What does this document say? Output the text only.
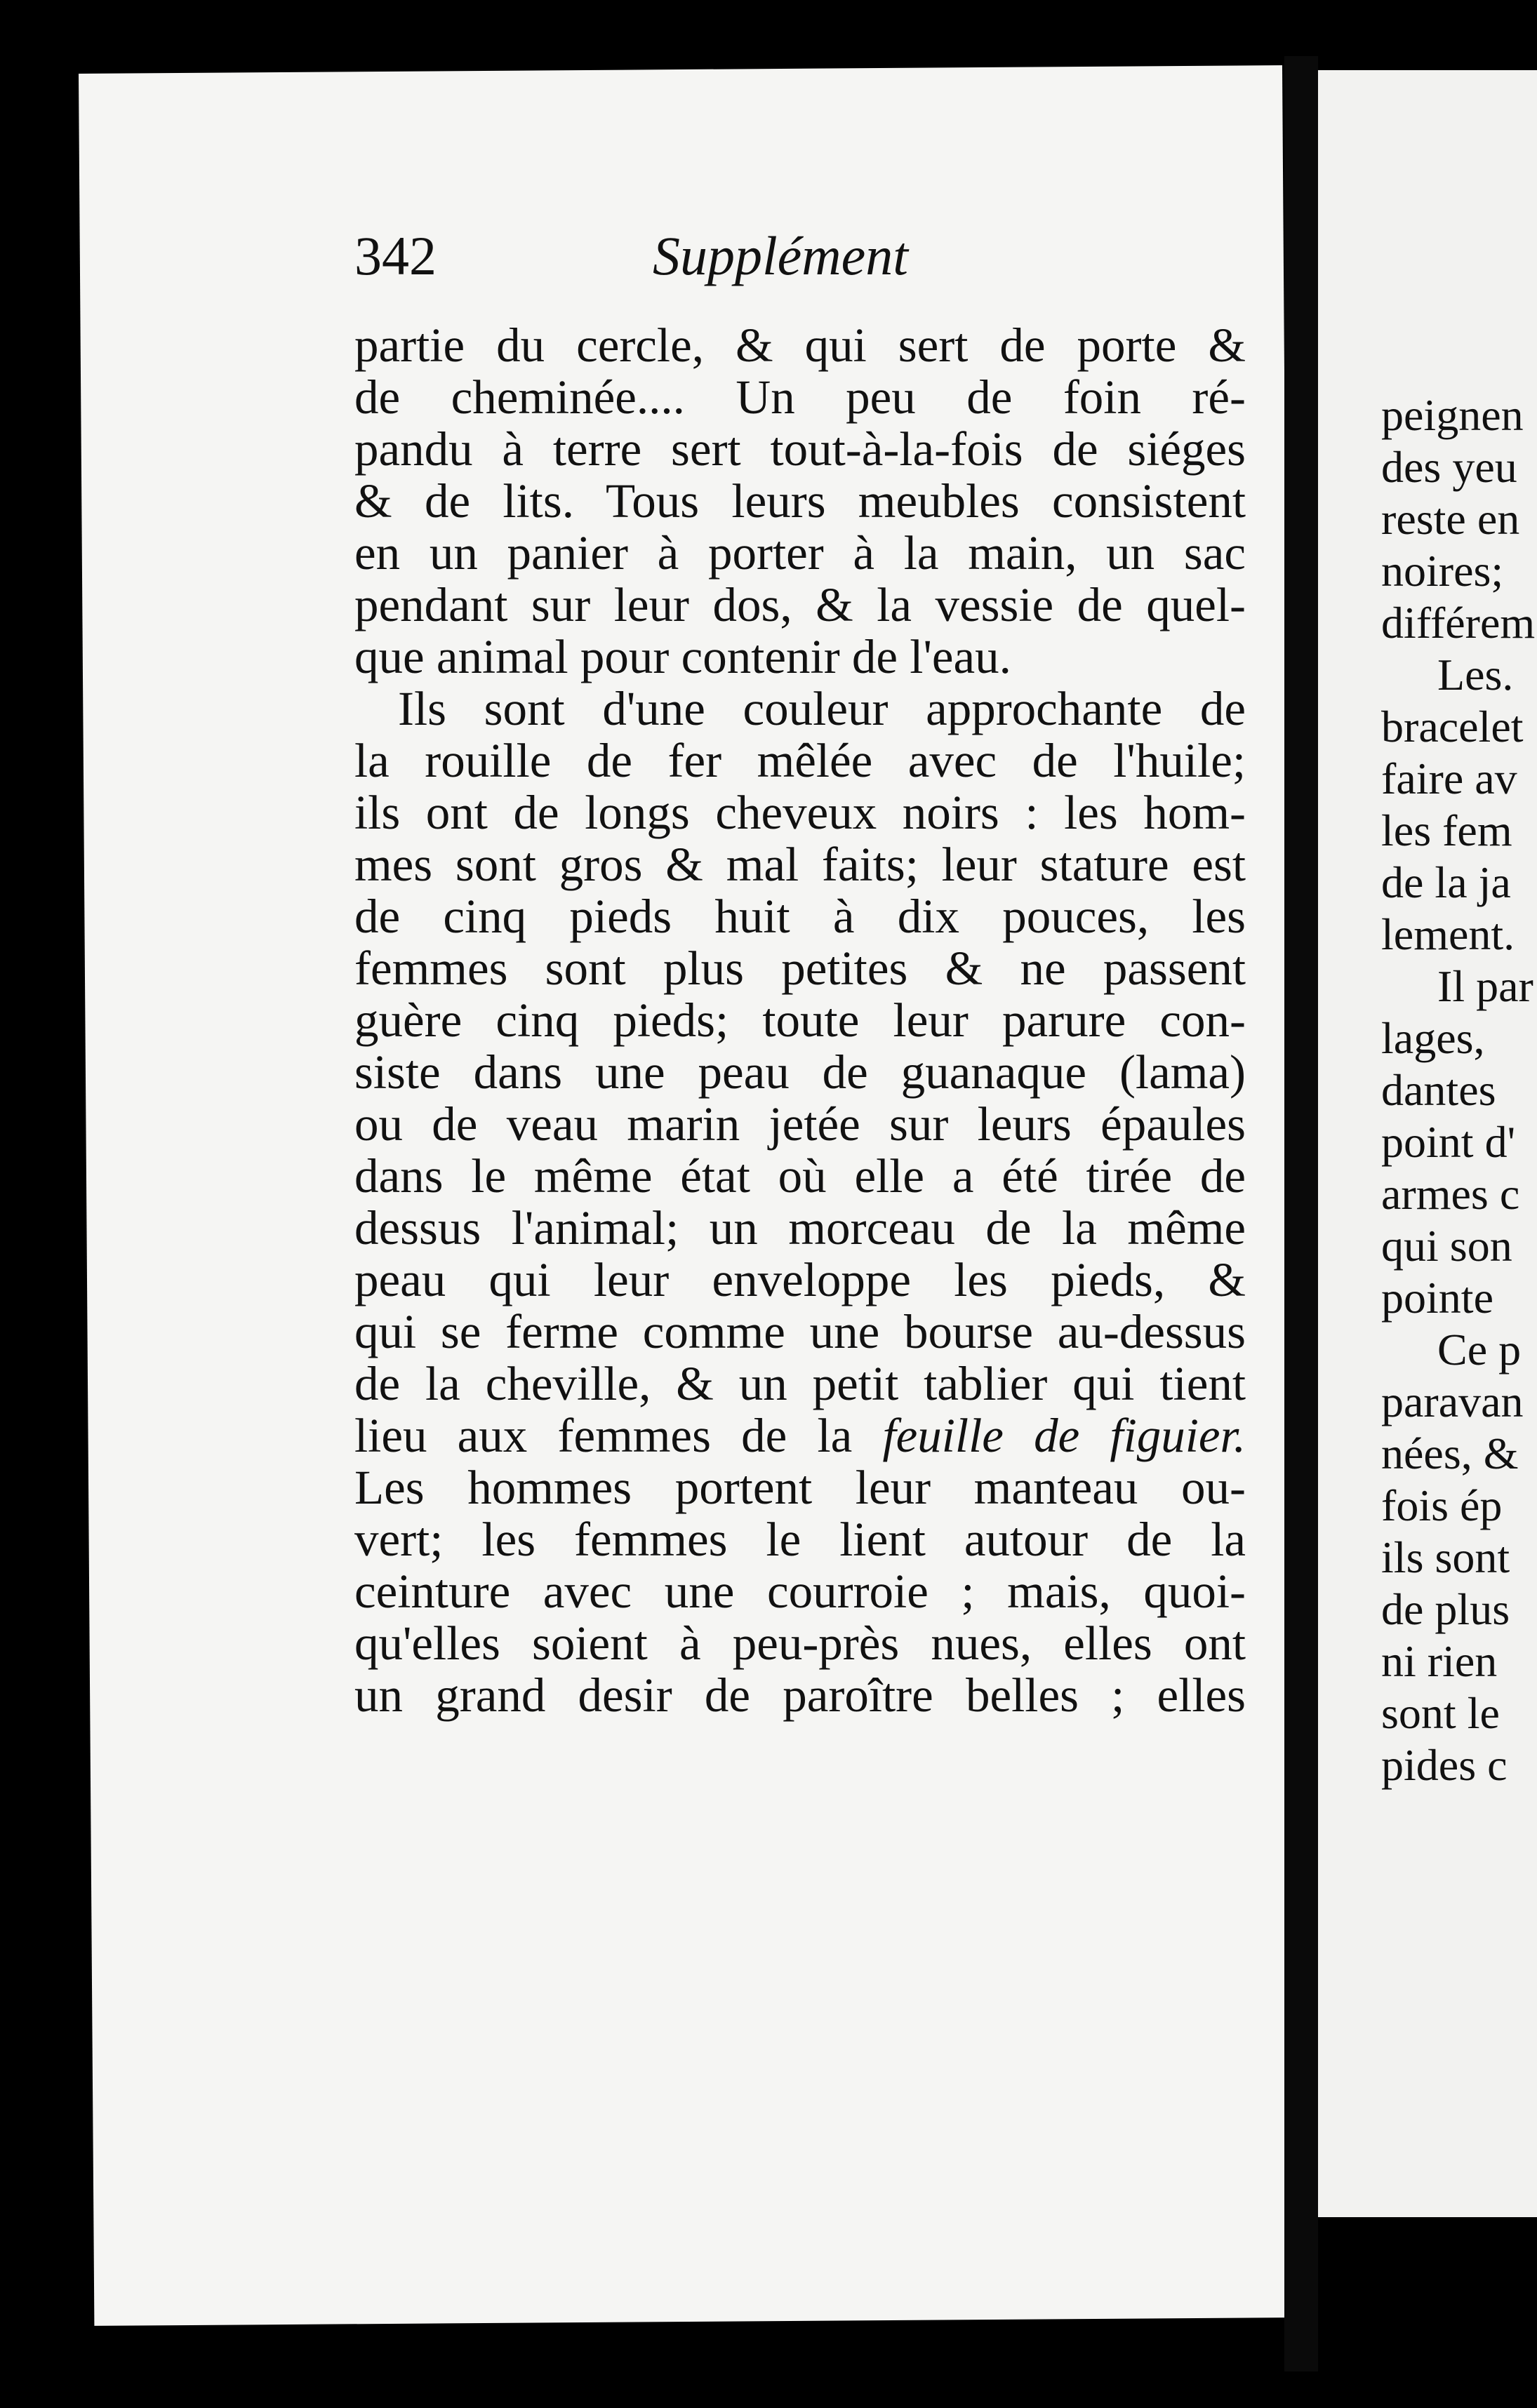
peignen
des yeu
reste en
noires;
différem
Les.
bracelet
faire av
les fem
de la ja
lement.
Il par
lages,
dantes
point d'
armes c
qui son
pointe
Ce p
paravan
nées, &
fois ép
ils sont
de plus
ni rien
sont le
pides c
342	Supplément
partie du cercle, & qui sert de porte &
de cheminée.... Un peu de foin ré-
pandu à terre sert tout-à-la-fois de siéges
& de lits. Tous leurs meubles consistent
en un panier à porter à la main, un sac
pendant sur leur dos, & la vessie de quel-
que animal pour contenir de l'eau.
Ils sont d'une couleur approchante de
la rouille de fer mêlée avec de l'huile;
ils ont de longs cheveux noirs : les hom-
mes sont gros & mal faits; leur stature est
de cinq pieds huit à dix pouces, les
femmes sont plus petites & ne passent
guère cinq pieds; toute leur parure con-
siste dans une peau de guanaque (lama)
ou de veau marin jetée sur leurs épaules
dans le même état où elle a été tirée de
dessus l'animal; un morceau de la même
peau qui leur enveloppe les pieds, &
qui se ferme comme une bourse au-dessus
de la cheville, & un petit tablier qui tient
lieu aux femmes de la feuille de figuier.
Les hommes portent leur manteau ou-
vert; les femmes le lient autour de la
ceinture avec une courroie ; mais, quoi-
qu'elles soient à peu-près nues, elles ont
un grand desir de paroître belles ; elles
